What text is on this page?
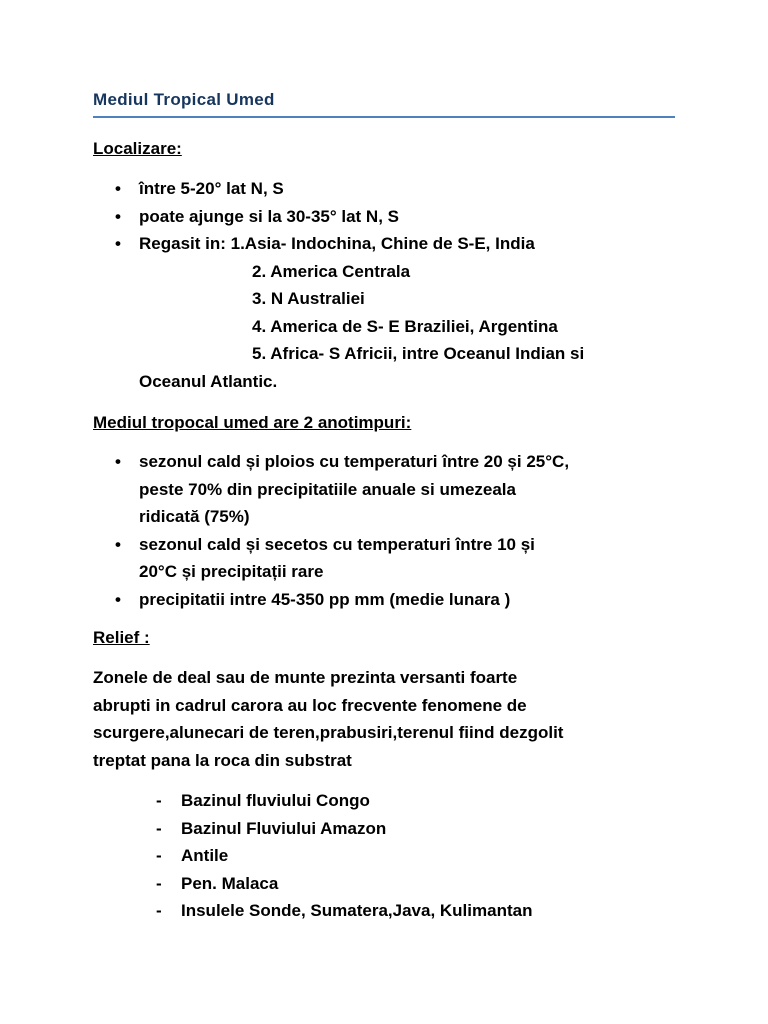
Mediul Tropical Umed
Localizare:
• între 5-20° lat N, S
• poate ajunge si la 30-35° lat N, S
• Regasit in: 1.Asia- Indochina, Chine de S-E, India
2. America Centrala
3. N Australiei
4. America de S- E Braziliei, Argentina
5. Africa- S Africii, intre Oceanul Indian si
Oceanul Atlantic.
Mediul tropocal umed are 2 anotimpuri:
• sezonul cald și ploios cu temperaturi între 20 și 25°C,
peste 70% din precipitatiile anuale si umezeala
ridicată (75%)
• sezonul cald și secetos cu temperaturi între 10 și
20°C și precipitații rare
• precipitatii intre 45-350 pp mm (medie lunara )
Relief :
Zonele de deal sau de munte prezinta versanti foarte
abrupti in cadrul carora au loc frecvente fenomene de
scurgere,alunecari de teren,prabusiri,terenul fiind dezgolit
treptat pana la roca din substrat
- Bazinul fluviului Congo
- Bazinul Fluviului Amazon
- Antile
- Pen. Malaca
- Insulele Sonde, Sumatera,Java, Kulimantan
